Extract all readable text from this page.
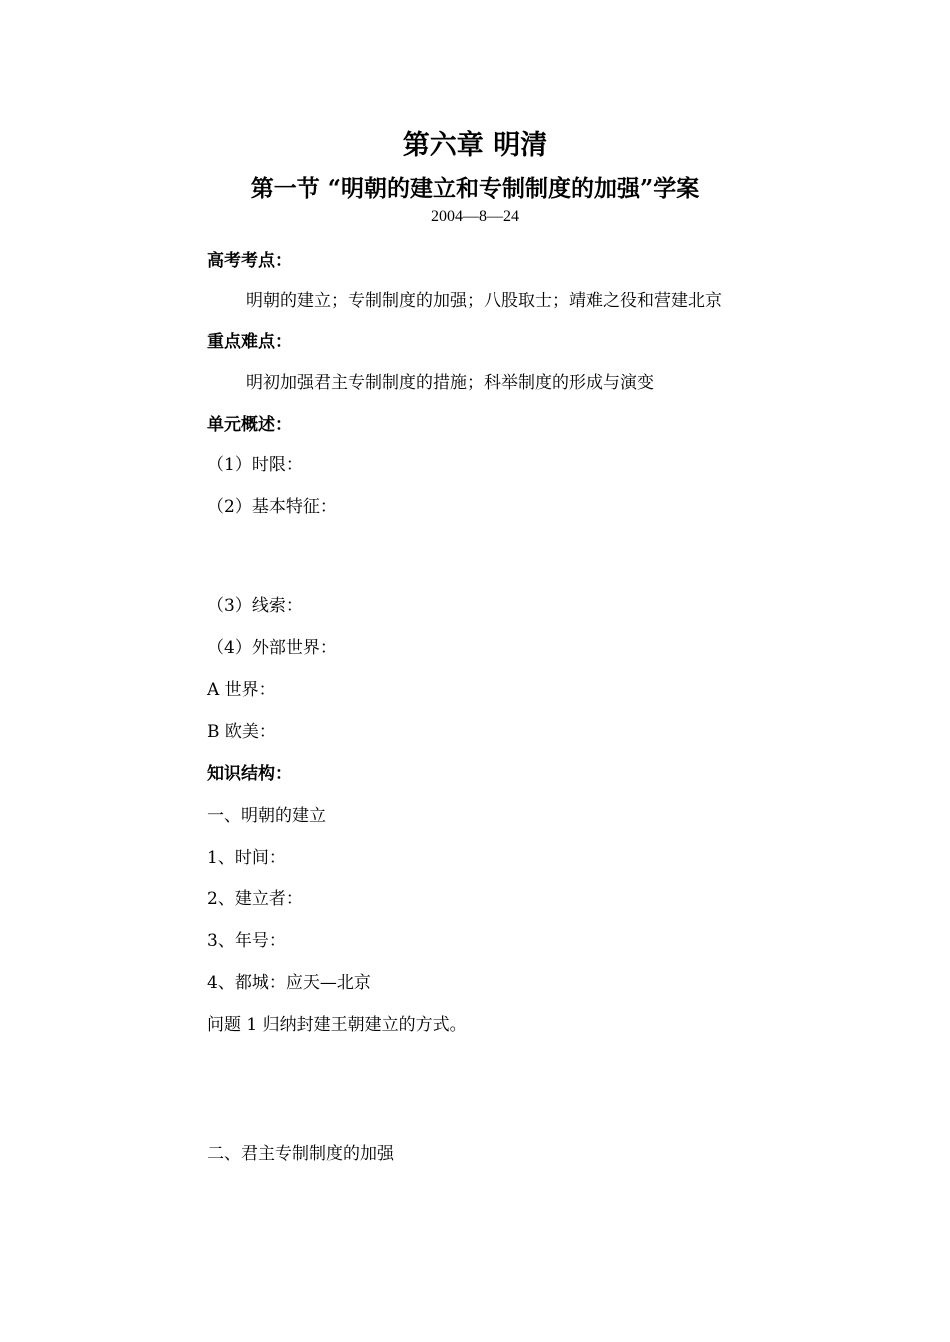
第六章 明清
第一节 “明朝的建立和专制制度的加强”学案
2004—8—24
高考考点：
明朝的建立；专制制度的加强；八股取士；靖难之役和营建北京
重点难点：
明初加强君主专制制度的措施；科举制度的形成与演变
单元概述：
（1）时限：
（2）基本特征：
（3）线索：
（4）外部世界：
A 世界：
B 欧美：
知识结构：
一、明朝的建立
1、时间：
2、建立者：
3、年号：
4、都城：应天—北京
问题 1 归纳封建王朝建立的方式。
二、君主专制制度的加强
